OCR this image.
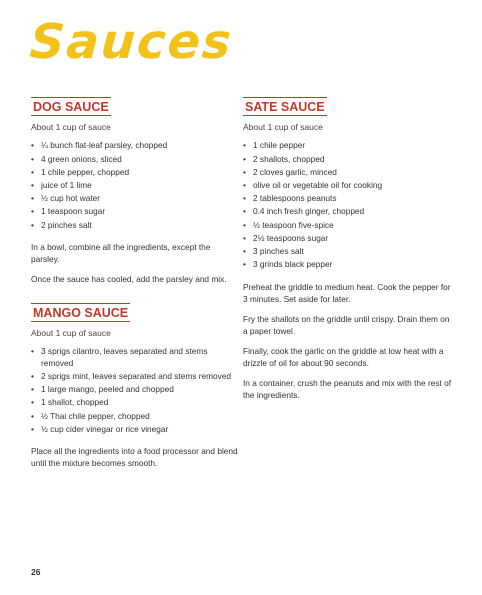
Sauces
DOG SAUCE

About 1 cup of sauce

• ¼ bunch flat-leaf parsley, chopped
• 4 green onions, sliced
• 1 chile pepper, chopped
• juice of 1 lime
• ½ cup hot water
• 1 teaspoon sugar
• 2 pinches salt

In a bowl, combine all the ingredients, except the parsley.

Once the sauce has cooled, add the parsley and mix.

MANGO SAUCE

About 1 cup of sauce

• 3 sprigs cilantro, leaves separated and stems removed
• 2 sprigs mint, leaves separated and stems removed
• 1 large mango, peeled and chopped
• 1 shallot, chopped
• ½ Thai chile pepper, chopped
• ½ cup cider vinegar or rice vinegar

Place all the ingredients into a food processor and blend until the mixture becomes smooth.

SATE SAUCE

About 1 cup of sauce

• 1 chile pepper
• 2 shallots, chopped
• 2 cloves garlic, minced
• olive oil or vegetable oil for cooking
• 2 tablespoons peanuts
• 0.4 inch fresh ginger, chopped
• ½ teaspoon five-spice
• 2½ teaspoons sugar
• 3 pinches salt
• 3 grinds black pepper

Preheat the griddle to medium heat. Cook the pepper for 3 minutes. Set aside for later.

Fry the shallots on the griddle until crispy. Drain them on a paper towel.

Finally, cook the garlic on the griddle at low heat with a drizzle of oil for about 90 seconds.

In a container, crush the peanuts and mix with the rest of the ingredients.

26
